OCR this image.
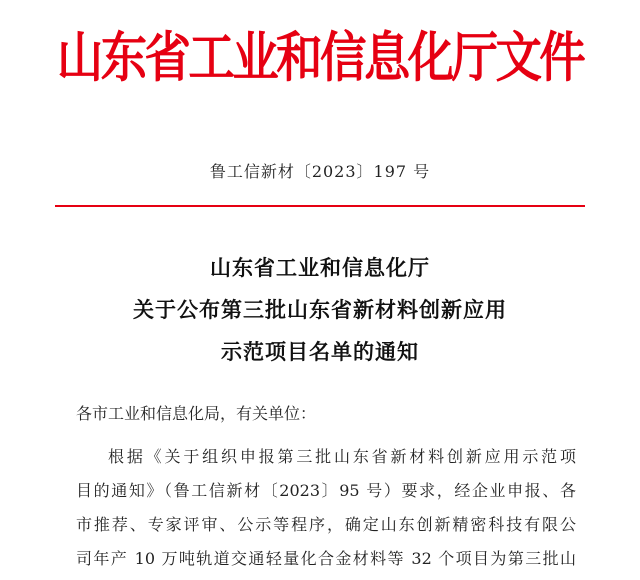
山东省工业和信息化厅文件
鲁工信新材〔2023〕197 号
山东省工业和信息化厅
关于公布第三批山东省新材料创新应用
示范项目名单的通知
各市工业和信息化局，有关单位：
根据《关于组织申报第三批山东省新材料创新应用示范项
目的通知》（鲁工信新材〔2023〕95 号）要求，经企业申报、各
市推荐、专家评审、公示等程序，确定山东创新精密科技有限公
司年产 10 万吨轨道交通轻量化合金材料等 32 个项目为第三批山
